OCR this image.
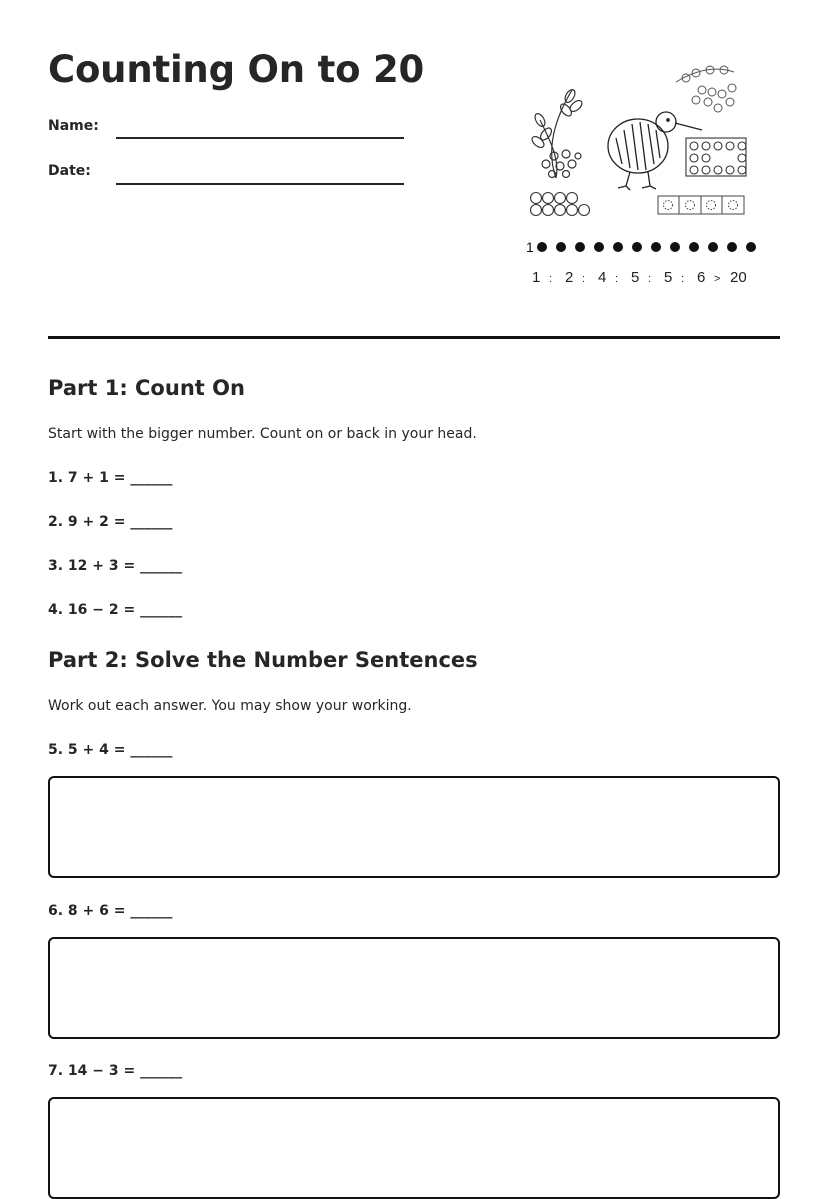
Counting On to 20
Name:
Date:
1
1 : 2 : 4 : 5 : 5 : 6 > 20
Part 1: Count On
Start with the bigger number. Count on or back in your head.
1. 7 + 1 = ______
2. 9 + 2 = ______
3. 12 + 3 = ______
4. 16 − 2 = ______
Part 2: Solve the Number Sentences
Work out each answer. You may show your working.
5. 5 + 4 = ______
6. 8 + 6 = ______
7. 14 − 3 = ______
